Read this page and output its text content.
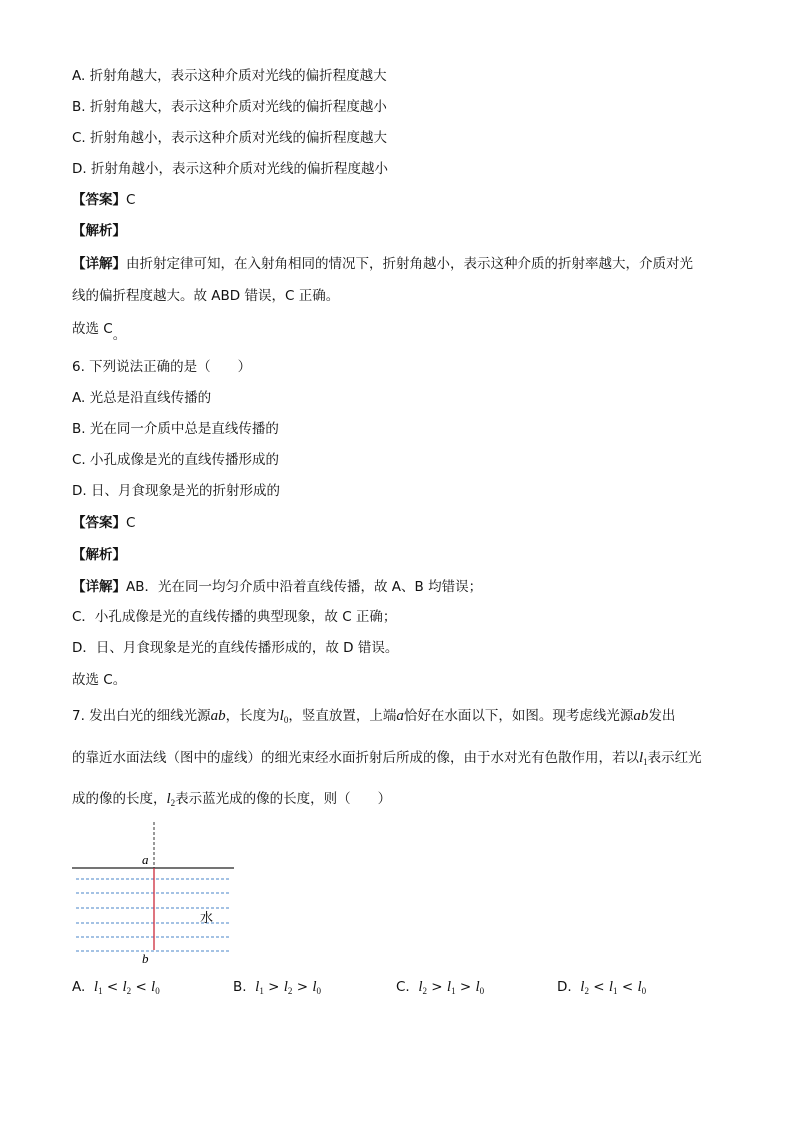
A. 折射角越大，表示这种介质对光线的偏折程度越大
B. 折射角越大，表示这种介质对光线的偏折程度越小
C. 折射角越小，表示这种介质对光线的偏折程度越大
D. 折射角越小，表示这种介质对光线的偏折程度越小
【答案】C
【解析】
【详解】由折射定律可知，在入射角相同的情况下，折射角越小，表示这种介质的折射率越大，介质对光
线的偏折程度越大。故 ABD 错误，C 正确。
故选 C。
6. 下列说法正确的是（　　）
A. 光总是沿直线传播的
B. 光在同一介质中总是直线传播的
C. 小孔成像是光的直线传播形成的
D. 日、月食现象是光的折射形成的
【答案】C
【解析】
【详解】AB．光在同一均匀介质中沿着直线传播，故 A、B 均错误；
C．小孔成像是光的直线传播的典型现象，故 C 正确；
D．日、月食现象是光的直线传播形成的，故 D 错误。
故选 C。
7. 发出白光的细线光源ab，长度为$l_0$，竖直放置，上端a恰好在水面以下，如图。现考虑线光源ab发出
的靠近水面法线（图中的虚线）的细光束经水面折射后所成的像，由于水对光有色散作用，若以$l_1$表示红光
成的像的长度，$l_2$表示蓝光成的像的长度，则（　　）
a
b
水
A. $l_1 < l_2 < l_0$	B. $l_1 > l_2 > l_0$	C. $l_2 > l_1 > l_0$	D. $l_2 < l_1 < l_0$
